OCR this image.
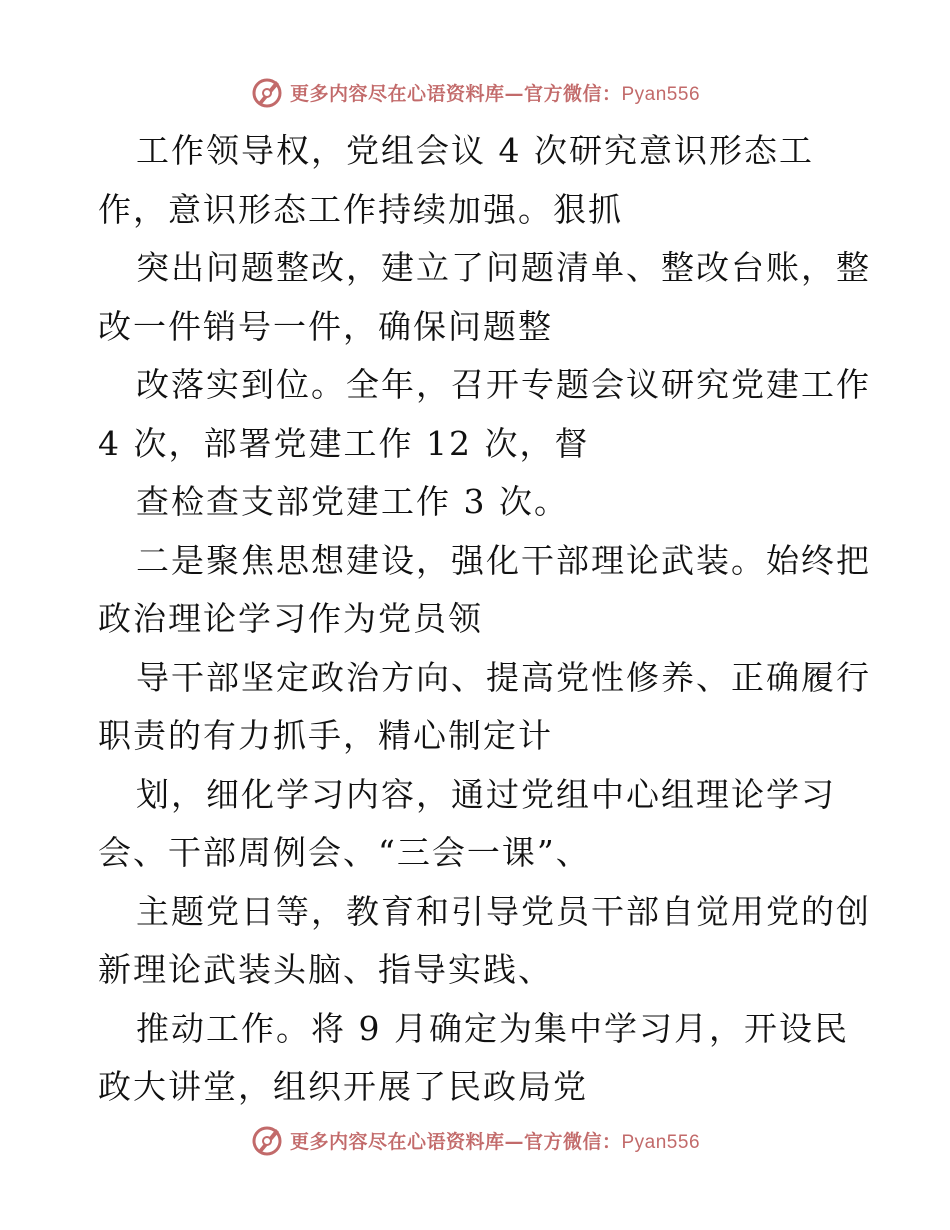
更多内容尽在心语资料库—官方微信：Pyan556
工作领导权，党组会议 4 次研究意识形态工
作，意识形态工作持续加强。狠抓
突出问题整改，建立了问题清单、整改台账，整
改一件销号一件，确保问题整
改落实到位。全年，召开专题会议研究党建工作
4 次，部署党建工作 12 次，督
查检查支部党建工作 3 次。
二是聚焦思想建设，强化干部理论武装。始终把
政治理论学习作为党员领
导干部坚定政治方向、提高党性修养、正确履行
职责的有力抓手，精心制定计
划，细化学习内容，通过党组中心组理论学习
会、干部周例会、“三会一课”、
主题党日等，教育和引导党员干部自觉用党的创
新理论武装头脑、指导实践、
推动工作。将 9 月确定为集中学习月，开设民
政大讲堂，组织开展了民政局党
更多内容尽在心语资料库—官方微信：Pyan556
